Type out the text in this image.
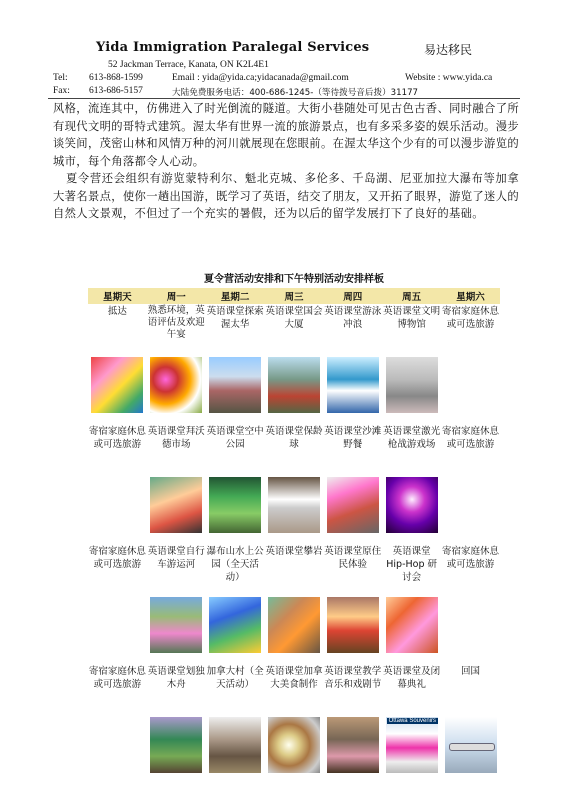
Yida Immigration Paralegal Services	易达移民
52 Jackman Terrace, Kanata, ON K2L4E1
Tel: 613-868-1599	Email : yida@yida.ca;yidacanada@gmail.com	Website : www.yida.ca
Fax: 613-686-5157	大陆免费服务电话：400-686-1245-（等待拨号音后拨）31177

风格，流连其中，仿佛进入了时光倒流的隧道。大街小巷随处可见古色古香、同时融合了所有现代文明的哥特式建筑。渥太华有世界一流的旅游景点，也有多采多姿的娱乐活动。漫步谈笑间，茂密山林和风情万种的河川就展现在您眼前。在渥太华这个少有的可以漫步游览的城市，每个角落都令人心动。

夏令营还会组织有游览蒙特利尔、魁北克城、多伦多、千岛湖、尼亚加拉大瀑布等加拿大著名景点，使你一趟出国游，既学习了英语，结交了朋友，又开拓了眼界，游览了迷人的自然人文景观，不但过了一个充实的暑假，还为以后的留学发展打下了良好的基础。

夏令营活动安排和下午特别活动安排样板
星期天	周一	星期二	周三	周四	周五	星期六
抵达	熟悉环境，英语评估及欢迎午宴	英语课堂探索渥太华	英语课堂国会大厦	英语课堂游泳冲浪	英语课堂文明博物馆	寄宿家庭休息或可选旅游

寄宿家庭休息或可选旅游	英语课堂拜沃德市场	英语课堂空中公园	英语课堂保龄球	英语课堂沙滩野餐	英语课堂激光枪战游戏场	寄宿家庭休息或可选旅游

寄宿家庭休息或可选旅游	英语课堂自行车游运河	瀑布山水上公园（全天活动）	英语课堂攀岩	英语课堂原住民体验	英语课堂 Hip-Hop 研讨会	寄宿家庭休息或可选旅游

寄宿家庭休息或可选旅游	英语课堂划独木舟	加拿大村（全天活动）	英语课堂加拿大美食制作	英语课堂教学音乐和戏剧节	英语课堂及闭幕典礼	回国

					Ottawa Souvenirs	
